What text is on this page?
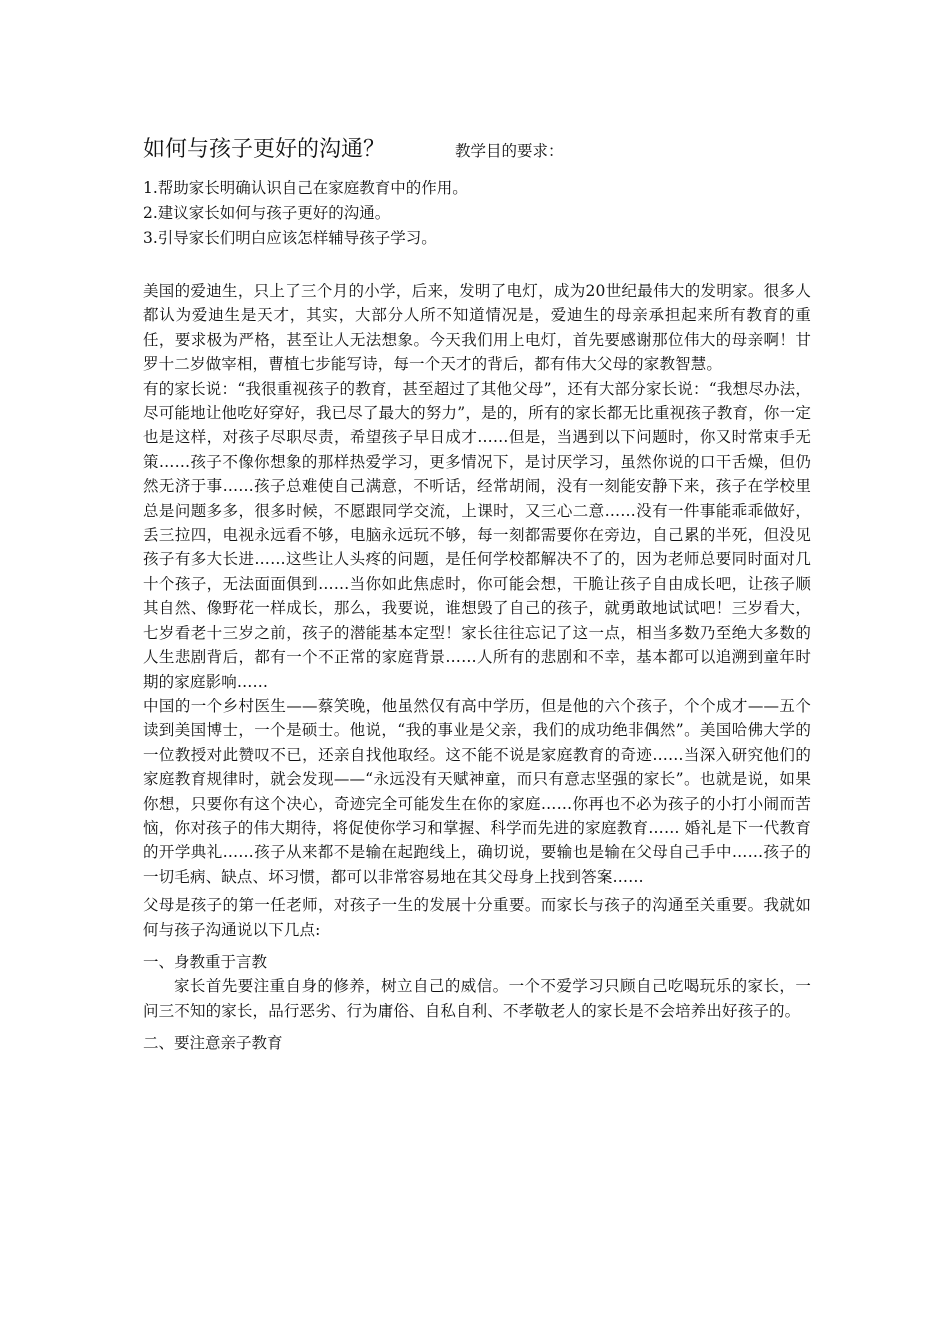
如何与孩子更好的沟通？	教学目的要求：
1.帮助家长明确认识自己在家庭教育中的作用。
2.建议家长如何与孩子更好的沟通。
3.引导家长们明白应该怎样辅导孩子学习。

美国的爱迪生，只上了三个月的小学，后来，发明了电灯，成为20世纪最伟大的发明家。很多人都认为爱迪生是天才，其实，大部分人所不知道情况是，爱迪生的母亲承担起来所有教育的重任，要求极为严格，甚至让人无法想象。今天我们用上电灯，首先要感谢那位伟大的母亲啊！甘罗十二岁做宰相，曹植七步能写诗，每一个天才的背后，都有伟大父母的家教智慧。

有的家长说：“我很重视孩子的教育，甚至超过了其他父母”，还有大部分家长说：“我想尽办法，尽可能地让他吃好穿好，我已尽了最大的努力”，是的，所有的家长都无比重视孩子教育，你一定也是这样，对孩子尽职尽责，希望孩子早日成才……但是，当遇到以下问题时，你又时常束手无策……孩子不像你想象的那样热爱学习，更多情况下，是讨厌学习，虽然你说的口干舌燥，但仍然无济于事……孩子总难使自己满意，不听话，经常胡闹，没有一刻能安静下来，孩子在学校里总是问题多多，很多时候，不愿跟同学交流，上课时，又三心二意……没有一件事能乖乖做好，丢三拉四，电视永远看不够，电脑永远玩不够，每一刻都需要你在旁边，自己累的半死，但没见孩子有多大长进……这些让人头疼的问题，是任何学校都解决不了的，因为老师总要同时面对几十个孩子，无法面面俱到……当你如此焦虑时，你可能会想，干脆让孩子自由成长吧，让孩子顺其自然、像野花一样成长，那么，我要说，谁想毁了自己的孩子，就勇敢地试试吧！三岁看大，七岁看老十三岁之前，孩子的潜能基本定型！家长往往忘记了这一点，相当多数乃至绝大多数的人生悲剧背后，都有一个不正常的家庭背景……人所有的悲剧和不幸，基本都可以追溯到童年时期的家庭影响……

中国的一个乡村医生——蔡笑晚，他虽然仅有高中学历，但是他的六个孩子，个个成才——五个读到美国博士，一个是硕士。他说，“我的事业是父亲，我们的成功绝非偶然”。美国哈佛大学的一位教授对此赞叹不已，还亲自找他取经。这不能不说是家庭教育的奇迹……当深入研究他们的家庭教育规律时，就会发现——“永远没有天赋神童，而只有意志坚强的家长”。也就是说，如果你想，只要你有这个决心，奇迹完全可能发生在你的家庭……你再也不必为孩子的小打小闹而苦恼，你对孩子的伟大期待，将促使你学习和掌握、科学而先进的家庭教育…… 婚礼是下一代教育的开学典礼……孩子从来都不是输在起跑线上，确切说，要输也是输在父母自己手中……孩子的一切毛病、缺点、坏习惯，都可以非常容易地在其父母身上找到答案……

父母是孩子的第一任老师，对孩子一生的发展十分重要。而家长与孩子的沟通至关重要。我就如何与孩子沟通说以下几点:

一、身教重于言教

家长首先要注重自身的修养，树立自己的威信。一个不爱学习只顾自己吃喝玩乐的家长，一问三不知的家长，品行恶劣、行为庸俗、自私自利、不孝敬老人的家长是不会培养出好孩子的。

二、要注意亲子教育
